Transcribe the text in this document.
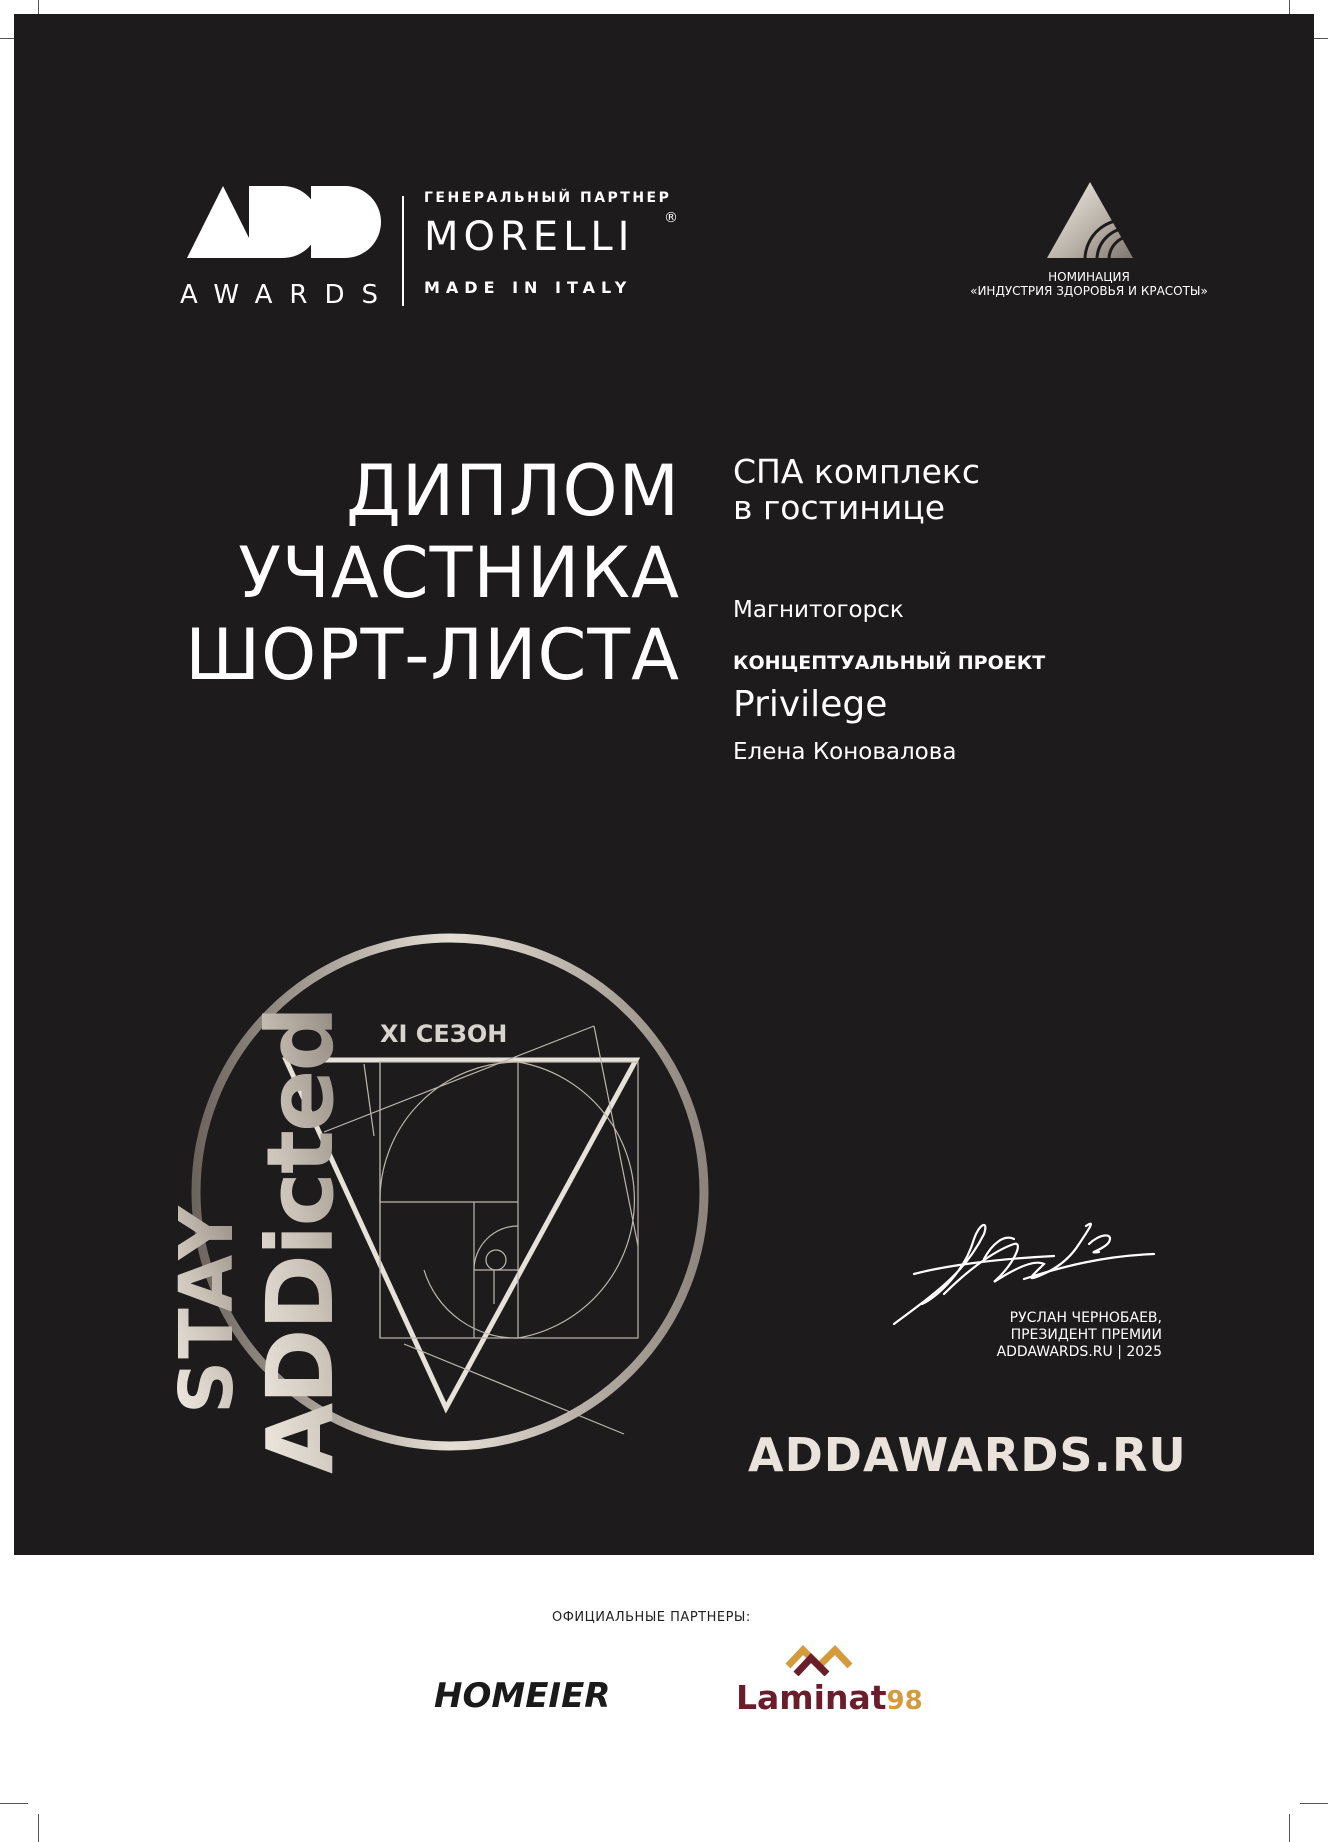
AWARDS
ГЕНЕРАЛЬНЫЙ ПАРТНЕР
MORELLI ®
MADE IN ITALY
НОМИНАЦИЯ
«ИНДУСТРИЯ ЗДОРОВЬЯ И КРАСОТЫ»
ДИПЛОМ
УЧАСТНИКА
ШОРТ-ЛИСТА
СПА комплекс
в гостинице
Магнитогорск
КОНЦЕПТУАЛЬНЫЙ ПРОЕКТ
Privilege
Елена Коновалова
XI СЕЗОН
STAY
ADDicted	РУСЛАН ЧЕРНОБАЕВ,
ПРЕЗИДЕНТ ПРЕМИИ
ADDAWARDS.RU | 2025
ADDAWARDS.RU
ОФИЦИАЛЬНЫЕ ПАРТНЕРЫ:
HOMEIER	Laminat98
